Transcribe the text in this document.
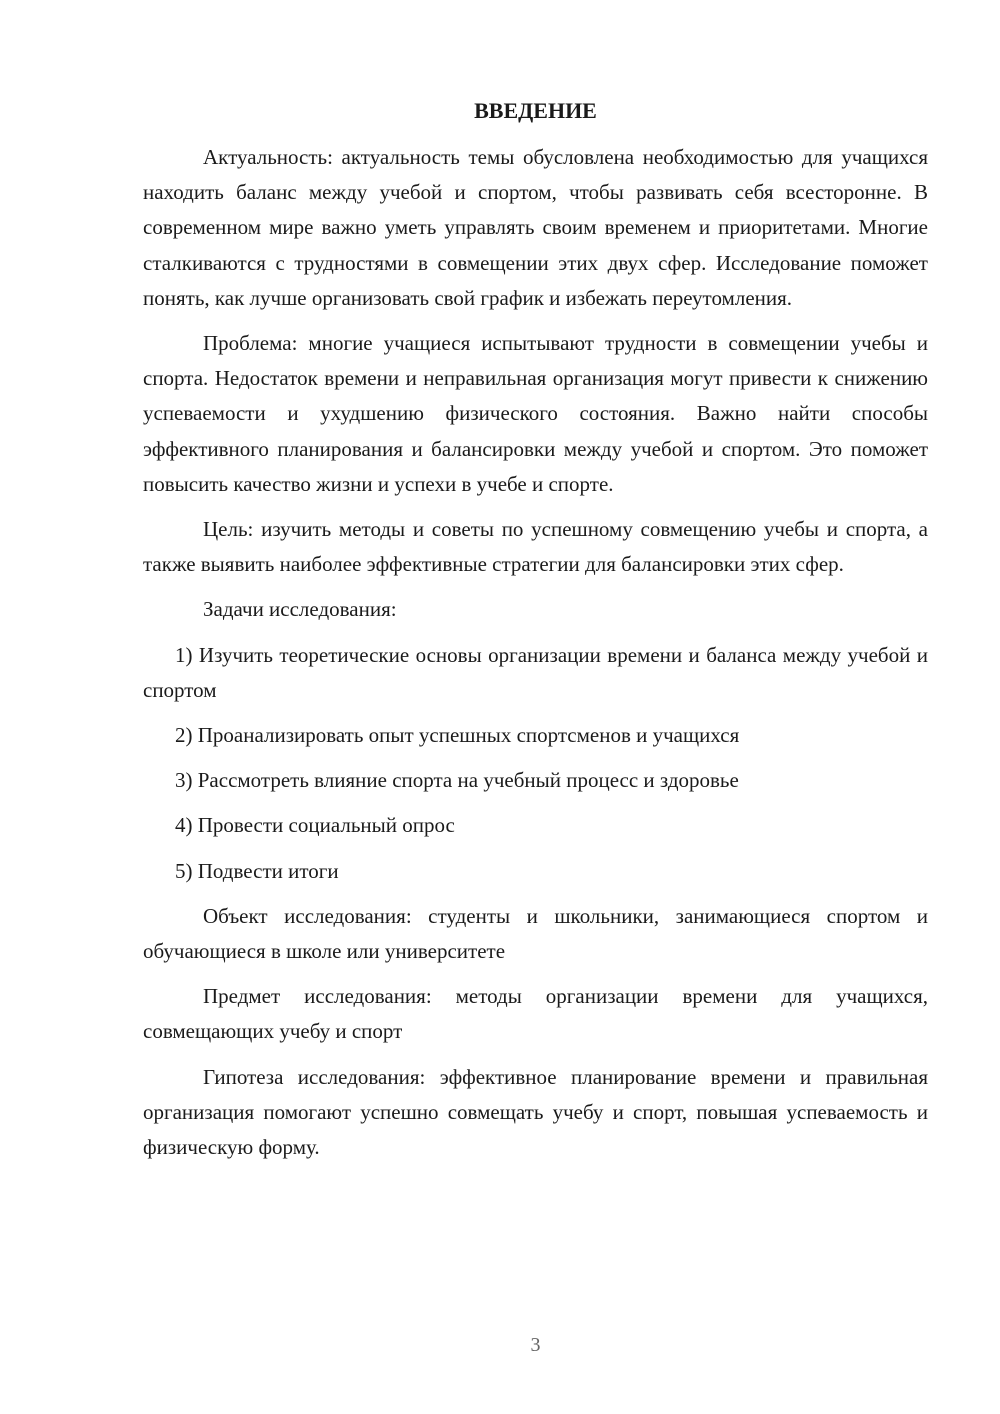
ВВЕДЕНИЕ

Актуальность: актуальность темы обусловлена необходимостью для учащихся находить баланс между учебой и спортом, чтобы развивать себя всесторонне. В современном мире важно уметь управлять своим временем и приоритетами. Многие сталкиваются с трудностями в совмещении этих двух сфер. Исследование поможет понять, как лучше организовать свой график и избежать переутомления.

Проблема: многие учащиеся испытывают трудности в совмещении учебы и спорта. Недостаток времени и неправильная организация могут привести к снижению успеваемости и ухудшению физического состояния. Важно найти способы эффективного планирования и балансировки между учебой и спортом. Это поможет повысить качество жизни и успехи в учебе и спорте.

Цель: изучить методы и советы по успешному совмещению учебы и спорта, а также выявить наиболее эффективные стратегии для балансировки этих сфер.

Задачи исследования:

1) Изучить теоретические основы организации времени и баланса между учебой и спортом

2) Проанализировать опыт успешных спортсменов и учащихся

3) Рассмотреть влияние спорта на учебный процесс и здоровье

4) Провести социальный опрос

5) Подвести итоги

Объект исследования: студенты и школьники, занимающиеся спортом и обучающиеся в школе или университете

Предмет исследования: методы организации времени для учащихся, совмещающих учебу и спорт

Гипотеза исследования: эффективное планирование времени и правильная организация помогают успешно совмещать учебу и спорт, повышая успеваемость и физическую форму.

3
